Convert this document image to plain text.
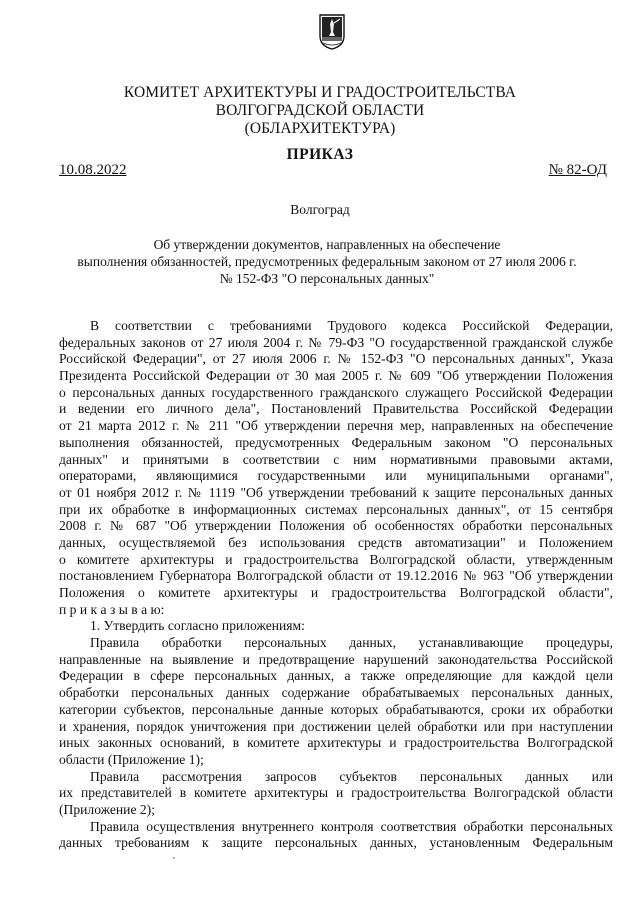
КОМИТЕТ АРХИТЕКТУРЫ И ГРАДОСТРОИТЕЛЬСТВА
ВОЛГОГРАДСКОЙ ОБЛАСТИ
(ОБЛАРХИТЕКТУРА)
ПРИКАЗ
10.08.2022	№ 82-ОД
Волгоград
Об утверждении документов, направленных на обеспечение
выполнения обязанностей, предусмотренных федеральным законом от 27 июля 2006 г.
№ 152-ФЗ "О персональных данных"
В соответствии с требованиями Трудового кодекса Российской Федерации,
федеральных законов от 27 июля 2004 г. № 79-ФЗ "О государственной гражданской службе
Российской Федерации", от 27 июля 2006 г. № 152-ФЗ "О персональных данных", Указа
Президента Российской Федерации от 30 мая 2005 г. № 609 "Об утверждении Положения
о персональных данных государственного гражданского служащего Российской Федерации
и ведении его личного дела", Постановлений Правительства Российской Федерации
от 21 марта 2012 г. № 211 "Об утверждении перечня мер, направленных на обеспечение
выполнения обязанностей, предусмотренных Федеральным законом "О персональных
данных" и принятыми в соответствии с ним нормативными правовыми актами,
операторами, являющимися государственными или муниципальными органами",
от 01 ноября 2012 г. № 1119 "Об утверждении требований к защите персональных данных
при их обработке в информационных системах персональных данных", от 15 сентября
2008 г. № 687 "Об утверждении Положения об особенностях обработки персональных
данных, осуществляемой без использования средств автоматизации" и Положением
о комитете архитектуры и градостроительства Волгоградской области, утвержденным
постановлением Губернатора Волгоградской области от 19.12.2016 № 963 "Об утверждении
Положения о комитете архитектуры и градостроительства Волгоградской области",
п р и к а з ы в а ю:
1. Утвердить согласно приложениям:
Правила обработки персональных данных, устанавливающие процедуры,
направленные на выявление и предотвращение нарушений законодательства Российской
Федерации в сфере персональных данных, а также определяющие для каждой цели
обработки персональных данных содержание обрабатываемых персональных данных,
категории субъектов, персональные данные которых обрабатываются, сроки их обработки
и хранения, порядок уничтожения при достижении целей обработки или при наступлении
иных законных оснований, в комитете архитектуры и градостроительства Волгоградской
области (Приложение 1);
Правила рассмотрения запросов субъектов персональных данных или
их представителей в комитете архитектуры и градостроительства Волгоградской области
(Приложение 2);
Правила осуществления внутреннего контроля соответствия обработки персональных
данных требованиям к защите персональных данных, установленным Федеральным
